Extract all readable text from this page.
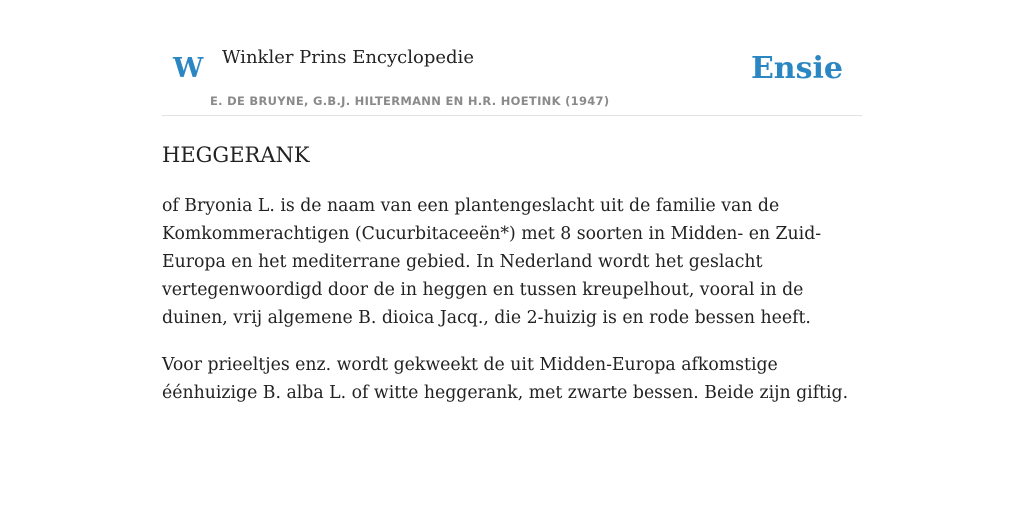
W Winkler Prins Encyclopedie
E. DE BRUYNE, G.B.J. HILTERMANN EN H.R. HOETINK (1947)
Ensie
HEGGERANK

of Bryonia L. is de naam van een plantengeslacht uit de familie van de Komkommerachtigen (Cucurbitaceeën*) met 8 soorten in Midden- en Zuid-Europa en het mediterrane gebied. In Nederland wordt het geslacht vertegenwoordigd door de in heggen en tussen kreupelhout, vooral in de duinen, vrij algemene B. dioica Jacq., die 2-huizig is en rode bessen heeft.

Voor prieeltjes enz. wordt gekweekt de uit Midden-Europa afkomstige éénhuizige B. alba L. of witte heggerank, met zwarte bessen. Beide zijn giftig.
